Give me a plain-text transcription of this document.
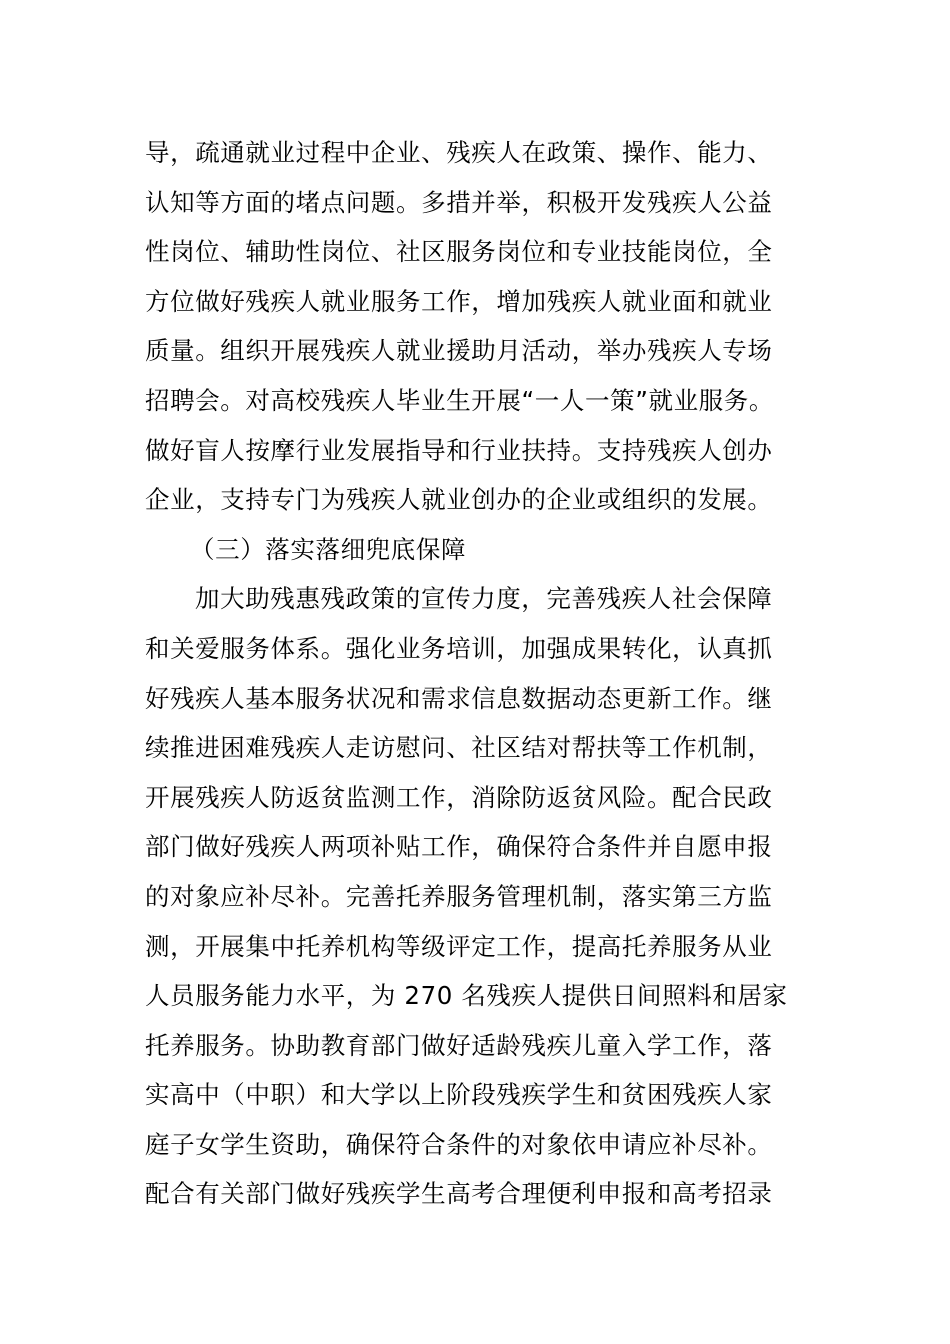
导，疏通就业过程中企业、残疾人在政策、操作、能力、
认知等方面的堵点问题。多措并举，积极开发残疾人公益
性岗位、辅助性岗位、社区服务岗位和专业技能岗位，全
方位做好残疾人就业服务工作，增加残疾人就业面和就业
质量。组织开展残疾人就业援助月活动，举办残疾人专场
招聘会。对高校残疾人毕业生开展“一人一策”就业服务。
做好盲人按摩行业发展指导和行业扶持。支持残疾人创办
企业，支持专门为残疾人就业创办的企业或组织的发展。
（三）落实落细兜底保障
加大助残惠残政策的宣传力度，完善残疾人社会保障
和关爱服务体系。强化业务培训，加强成果转化，认真抓
好残疾人基本服务状况和需求信息数据动态更新工作。继
续推进困难残疾人走访慰问、社区结对帮扶等工作机制，
开展残疾人防返贫监测工作，消除防返贫风险。配合民政
部门做好残疾人两项补贴工作，确保符合条件并自愿申报
的对象应补尽补。完善托养服务管理机制，落实第三方监
测，开展集中托养机构等级评定工作，提高托养服务从业
人员服务能力水平，为 270 名残疾人提供日间照料和居家
托养服务。协助教育部门做好适龄残疾儿童入学工作，落
实高中（中职）和大学以上阶段残疾学生和贫困残疾人家
庭子女学生资助，确保符合条件的对象依申请应补尽补。
配合有关部门做好残疾学生高考合理便利申报和高考招录
